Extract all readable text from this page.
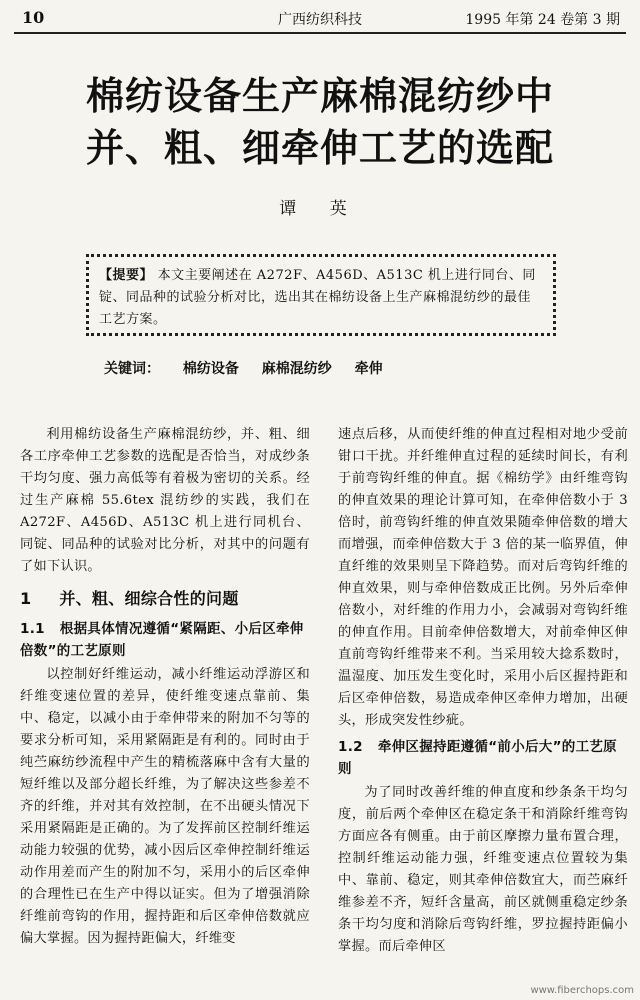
10	广西纺织科技	1995 年第 24 卷第 3 期
棉纺设备生产麻棉混纺纱中
并、粗、细牵伸工艺的选配
谭 英
【提要】 本文主要阐述在 A272F、A456D、A513C 机上进行同台、同锭、同品种的试验分析对比，选出其在棉纺设备上生产麻棉混纺纱的最佳工艺方案。
关键词： 棉纺设备 麻棉混纺纱 牵伸

利用棉纺设备生产麻棉混纺纱，并、粗、细各工序牵伸工艺参数的选配是否恰当，对成纱条干均匀度、强力高低等有着极为密切的关系。经过生产麻棉 55.6tex 混纺纱的实践，我们在 A272F、A456D、A513C 机上进行同机台、同锭、同品种的试验对比分析，对其中的问题有了如下认识。

1 并、粗、细综合性的问题
1.1 根据具体情况遵循“紧隔距、小后区牵伸倍数”的工艺原则

以控制好纤维运动，减小纤维运动浮游区和纤维变速位置的差异，使纤维变速点靠前、集中、稳定，以减小由于牵伸带来的附加不匀等的要求分析可知，采用紧隔距是有利的。同时由于纯苎麻纺纱流程中产生的精梳落麻中含有大量的短纤维以及部分超长纤维，为了解决这些参差不齐的纤维，并对其有效控制，在不出硬头情况下采用紧隔距是正确的。为了发挥前区控制纤维运动能力较强的优势，减小因后区牵伸控制纤维运动作用差而产生的附加不匀，采用小的后区牵伸的合理性已在生产中得以证实。但为了增强消除纤维前弯钩的作用，握持距和后区牵伸倍数就应偏大掌握。因为握持距偏大，纤维变

速点后移，从而使纤维的伸直过程相对地少受前钳口干扰。并纤维伸直过程的延续时间长，有利于前弯钩纤维的伸直。据《棉纺学》由纤维弯钩的伸直效果的理论计算可知，在牵伸倍数小于 3 倍时，前弯钩纤维的伸直效果随牵伸倍数的增大而增强，而牵伸倍数大于 3 倍的某一临界值，伸直纤维的效果则呈下降趋势。而对后弯钩纤维的伸直效果，则与牵伸倍数成正比例。另外后牵伸倍数小，对纤维的作用力小，会减弱对弯钩纤维的伸直作用。目前牵伸倍数增大，对前牵伸区伸直前弯钩纤维带来不利。当采用较大捻系数时，温湿度、加压发生变化时，采用小后区握持距和后区牵伸倍数，易造成牵伸区牵伸力增加，出硬头，形成突发性纱疵。

1.2 牵伸区握持距遵循“前小后大”的工艺原则

为了同时改善纤维的伸直度和纱条条干均匀度，前后两个牵伸区在稳定条干和消除纤维弯钩方面应各有侧重。由于前区摩擦力量布置合理，控制纤维运动能力强，纤维变速点位置较为集中、靠前、稳定，则其牵伸倍数宜大，而苎麻纤维参差不齐，短纤含量高，前区就侧重稳定纱条条干均匀度和消除后弯钩纤维，罗拉握持距偏小掌握。而后牵伸区

www.fiberchops.com
